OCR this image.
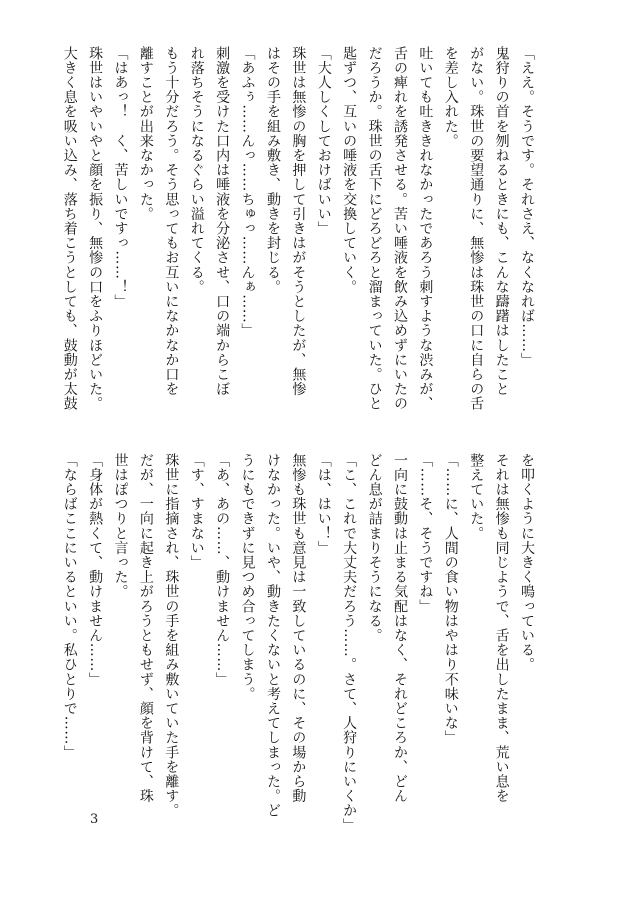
「ええ。そうです。それさえ、なくなれば……」
鬼狩りの首を刎ねるときにも、こんな躊躇はしたこと
がない。珠世の要望通りに、無惨は珠世の口に自らの舌
を差し入れた。
吐いても吐ききれなかったであろう刺すような渋みが、
舌の痺れを誘発させる。苦い唾液を飲み込めずにいたの
だろうか。珠世の舌下にどろどろと溜まっていた。ひと
匙ずつ、互いの唾液を交換していく。
「大人しくしておけばいい」
珠世は無惨の胸を押して引きはがそうとしたが、無惨
はその手を組み敷き、動きを封じる。
「あふぅ……んっ……ちゅっ……んぁ……」
刺激を受けた口内は唾液を分泌させ、口の端からこぼ
れ落ちそうになるぐらい溢れてくる。
もう十分だろう。そう思ってもお互いになかなか口を
離すことが出来なかった。
「はあっ！　く、苦しいですっ……！」
珠世はいやいやと顔を振り、無惨の口をふりほどいた。
大きく息を吸い込み、落ち着こうとしても、鼓動が太鼓
を叩くように大きく鳴っている。
それは無惨も同じようで、舌を出したまま、荒い息を
整えていた。
「……に、人間の食い物はやはり不味いな」
「……そ、そうですね」
一向に鼓動は止まる気配はなく、それどころか、どん
どん息が詰まりそうになる。
「こ、これで大丈夫だろう……。さて、人狩りにいくか」
「は、はい！」
無惨も珠世も意見は一致しているのに、その場から動
けなかった。いや、動きたくないと考えてしまった。ど
うにもできずに見つめ合ってしまう。
「あ、あの……、動けません……」
「す、すまない」
珠世に指摘され、珠世の手を組み敷いていた手を離す。
だが、一向に起き上がろうともせず、顔を背けて、珠
世はぽつりと言った。
「身体が熱くて、動けません……」
「ならばここにいるといい。私ひとりで……」
3
